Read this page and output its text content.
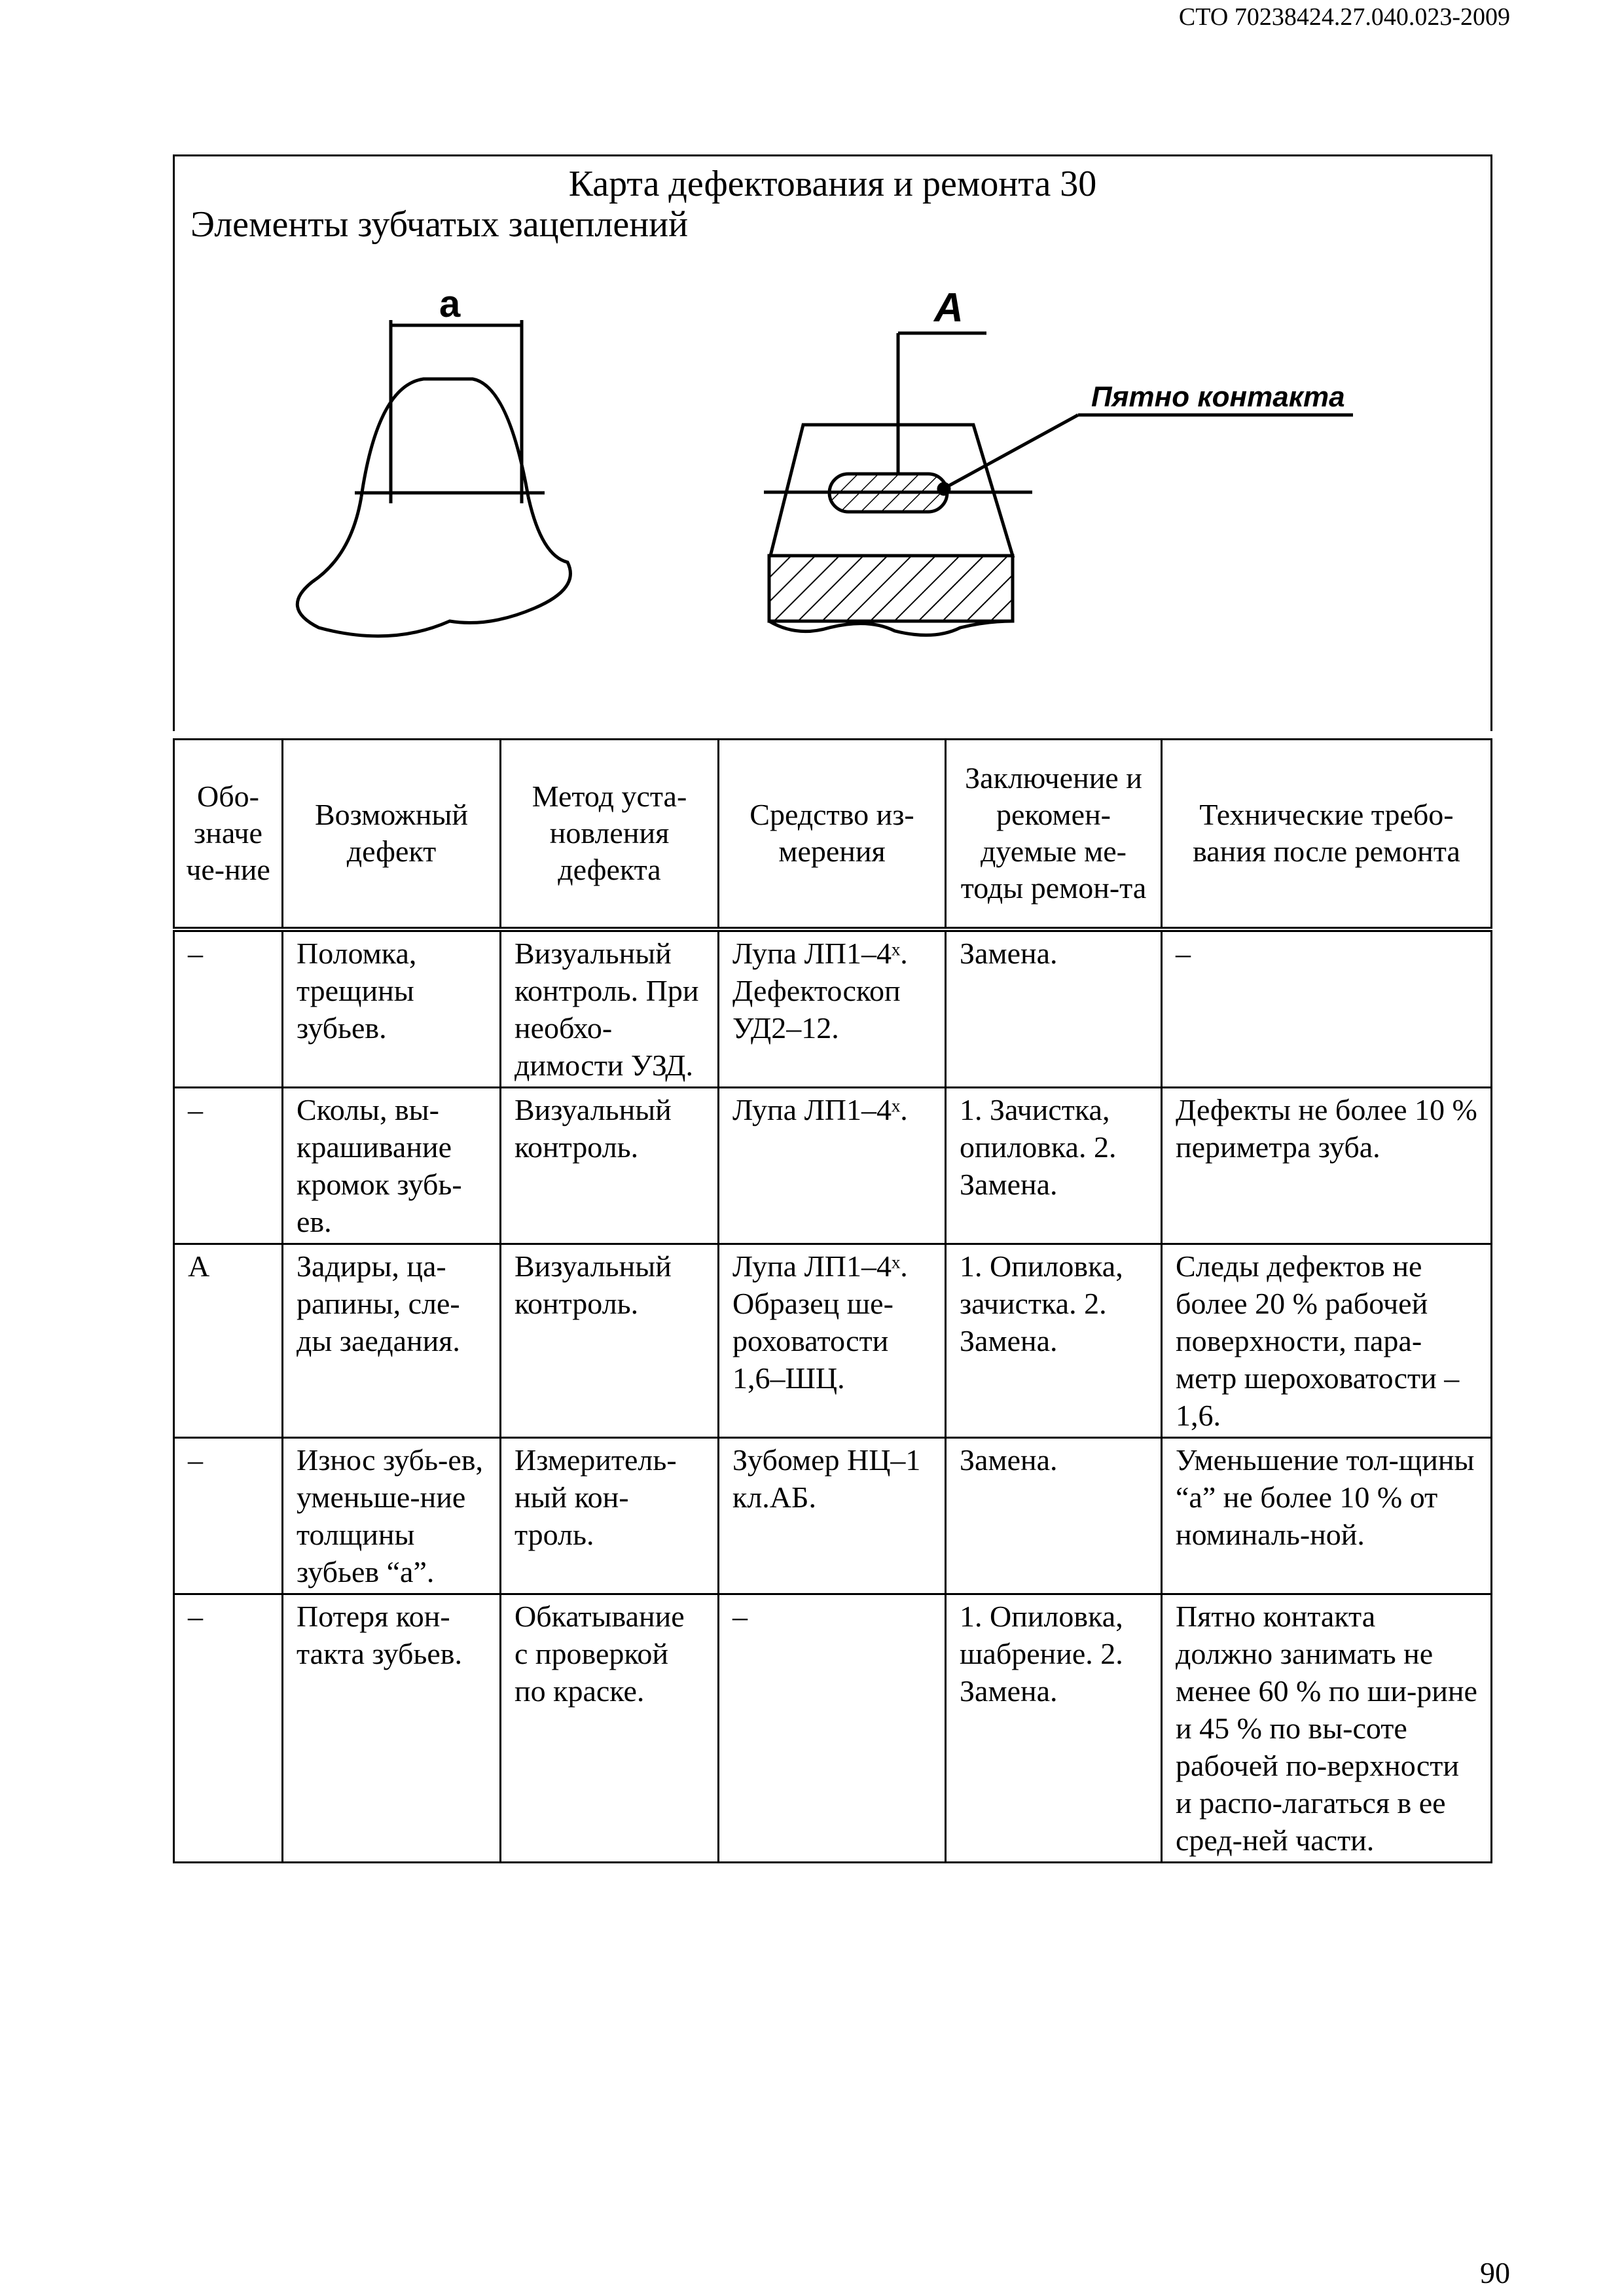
СТО 70238424.27.040.023-2009
Карта дефектования и ремонта 30
Элементы зубчатых зацеплений
a	A
Пятно контакта
Обо-значе че-ние	Возможный дефект	Метод уста-новления дефекта	Средство из-мерения	Заключение и рекомен-дуемые ме-тоды ремон-та	Технические требо-вания после ремонта
–	Поломка, трещины зубьев.	Визуальный контроль. При необхо-димости УЗД.	Лупа ЛП1–4ˣ. Дефектоскоп УД2–12.	Замена.	–
–	Сколы, вы-крашивание кромок зубь-ев.	Визуальный контроль.	Лупа ЛП1–4ˣ.	1. Зачистка, опиловка. 2. Замена.	Дефекты не более 10 % периметра зуба.
А	Задиры, ца-рапины, сле-ды заедания.	Визуальный контроль.	Лупа ЛП1–4ˣ. Образец ше-роховатости 1,6–ШЦ.	1. Опиловка, зачистка. 2. Замена.	Следы дефектов не более 20 % рабочей поверхности, пара-метр шероховатости –1,6.
–	Износ зубь-ев, уменьше-ние толщины зубьев “а”.	Измеритель-ный кон-троль.	Зубомер НЦ–1 кл.АБ.	Замена.	Уменьшение тол-щины “а” не более 10 % от номиналь-ной.
–	Потеря кон-такта зубьев.	Обкатывание с проверкой по краске.	–	1. Опиловка, шабрение. 2. Замена.	Пятно контакта должно занимать не менее 60 % по ши-рине и 45 % по вы-соте рабочей по-верхности и распо-лагаться в ее сред-ней части.
90
